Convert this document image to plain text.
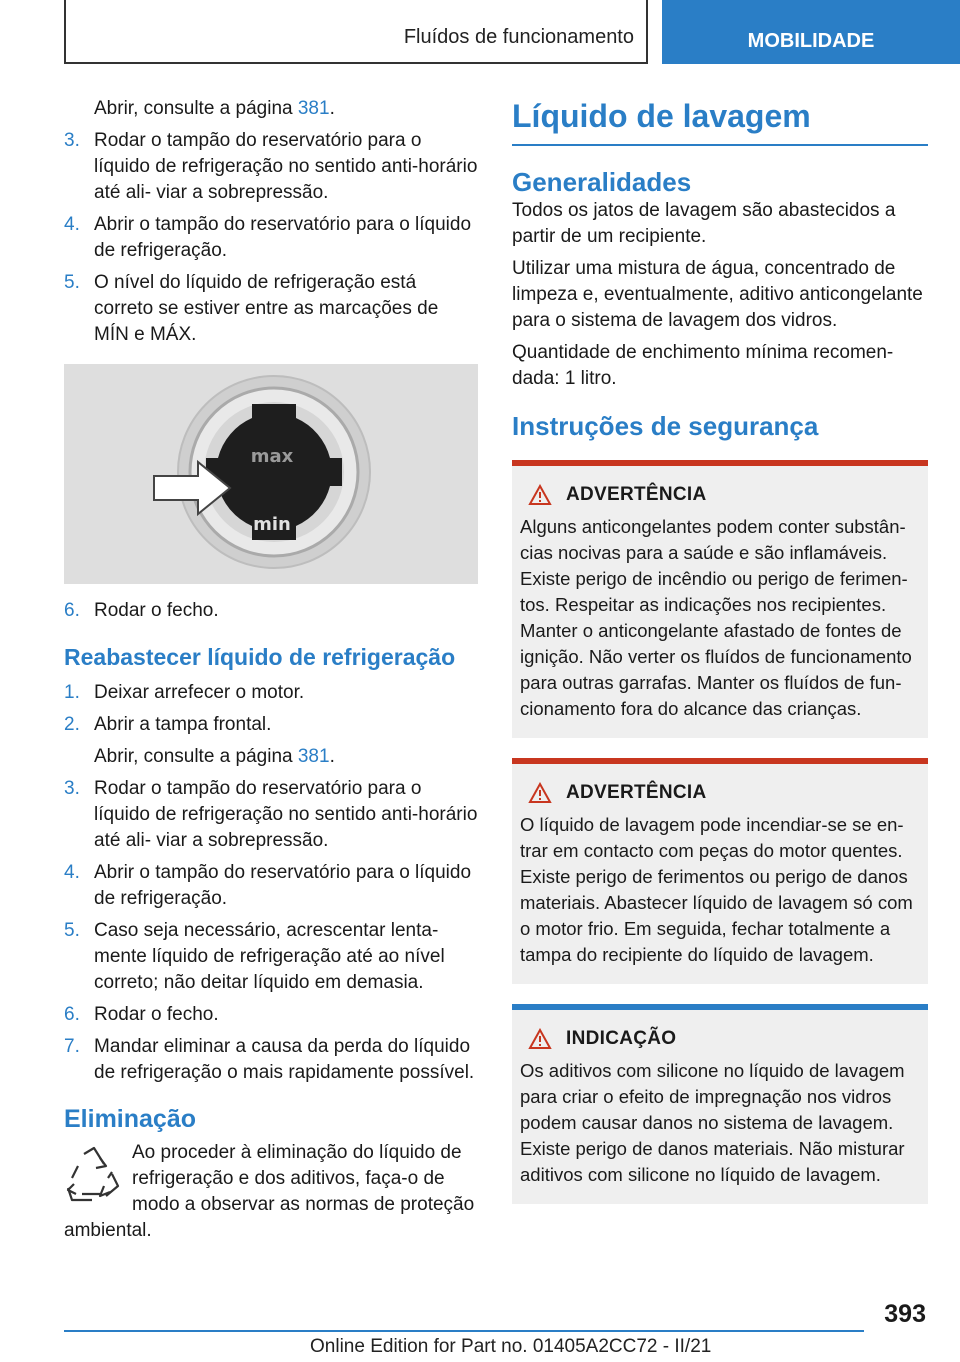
Fluídos de funcionamento	MOBILIDADE

Abrir, consulte a página 381.

3. Rodar o tampão do reservatório para o líquido de refrigeração no sentido anti‑horário até ali‑ viar a sobrepressão.
4. Abrir o tampão do reservatório para o líquido de refrigeração.
5. O nível do líquido de refrigeração está correto se estiver entre as marcações de MÍN e MÁX.
max
min
6. Rodar o fecho.
Reabastecer líquido de refrigeração
1. Deixar arrefecer o motor.
2. Abrir a tampa frontal.

Abrir, consulte a página 381.

3. Rodar o tampão do reservatório para o líquido de refrigeração no sentido anti‑horário até ali‑ viar a sobrepressão.
4. Abrir o tampão do reservatório para o líquido de refrigeração.
5. Caso seja necessário, acrescentar lenta‑ mente líquido de refrigeração até ao nível correto; não deitar líquido em demasia.
6. Rodar o fecho.
7. Mandar eliminar a causa da perda do líquido de refrigeração o mais rapidamente possível.
Eliminação

Ao proceder à eliminação do líquido de refrigeração e dos aditivos, faça‑o de modo a observar as normas de proteção ambiental.

Líquido de lavagem
Generalidades

Todos os jatos de lavagem são abastecidos a partir de um recipiente.

Utilizar uma mistura de água, concentrado de limpeza e, eventualmente, aditivo anticongelante para o sistema de lavagem dos vidros.

Quantidade de enchimento mínima recomen‑ dada: 1 litro.

Instruções de segurança
ADVERTÊNCIA

Alguns anticongelantes podem conter substân‑ cias nocivas para a saúde e são inflamáveis. Existe perigo de incêndio ou perigo de ferimen‑ tos. Respeitar as indicações nos recipientes. Manter o anticongelante afastado de fontes de ignição. Não verter os fluídos de funcionamento para outras garrafas. Manter os fluídos de fun‑ cionamento fora do alcance das crianças.

ADVERTÊNCIA

O líquido de lavagem pode incendiar‑se se en‑ trar em contacto com peças do motor quentes. Existe perigo de ferimentos ou perigo de danos materiais. Abastecer líquido de lavagem só com o motor frio. Em seguida, fechar totalmente a tampa do recipiente do líquido de lavagem.

INDICAÇÃO

Os aditivos com silicone no líquido de lavagem para criar o efeito de impregnação nos vidros podem causar danos no sistema de lavagem. Existe perigo de danos materiais. Não misturar aditivos com silicone no líquido de lavagem.

393
Online Edition for Part no. 01405A2CC72 - II/21
